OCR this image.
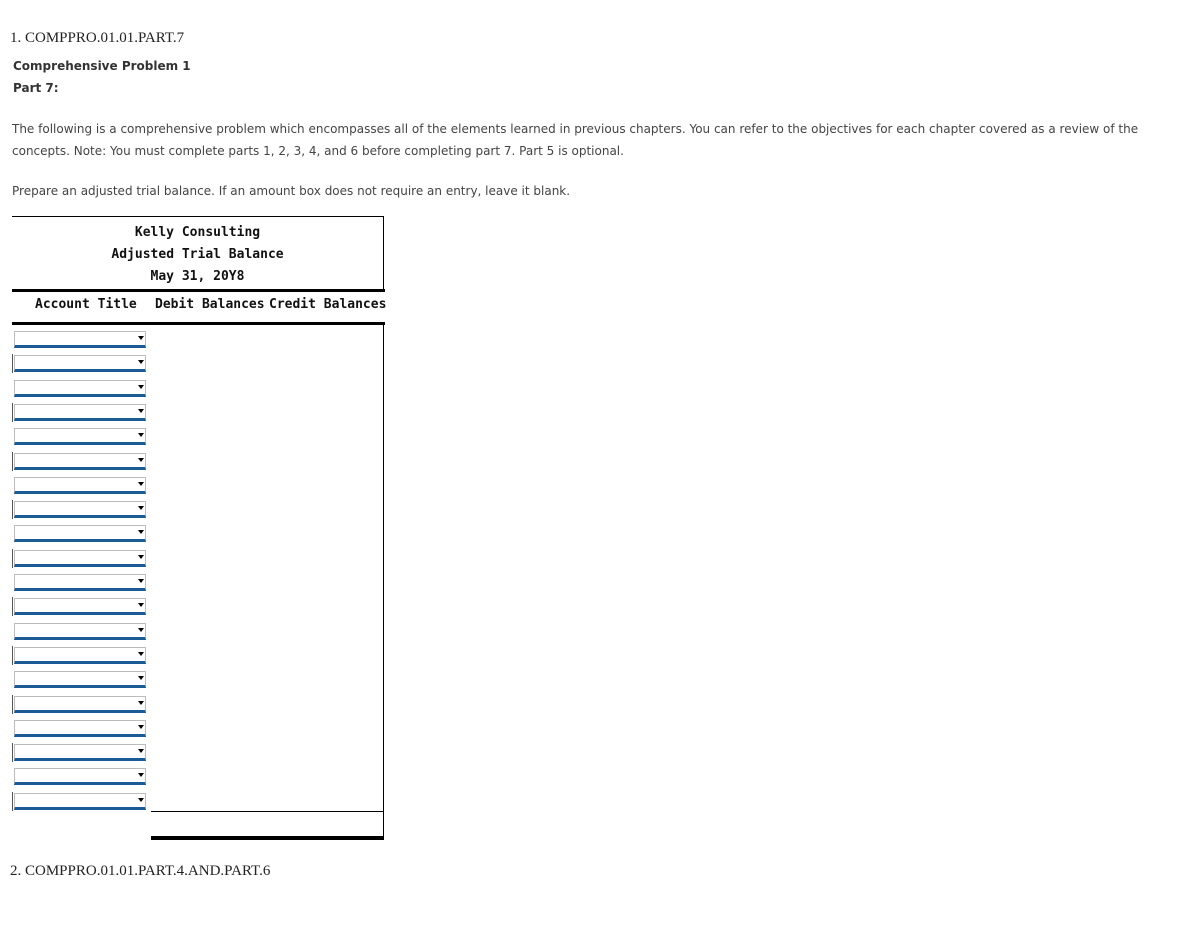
1. COMPPRO.01.01.PART.7
Comprehensive Problem 1
Part 7:
The following is a comprehensive problem which encompasses all of the elements learned in previous chapters. You can refer to the objectives for each chapter covered as a review of the concepts. Note: You must complete parts 1, 2, 3, 4, and 6 before completing part 7. Part 5 is optional.
Prepare an adjusted trial balance. If an amount box does not require an entry, leave it blank.
Kelly Consulting
Adjusted Trial Balance
May 31, 20Y8
Account Title Debit Balances Credit Balances
2. COMPPRO.01.01.PART.4.AND.PART.6
